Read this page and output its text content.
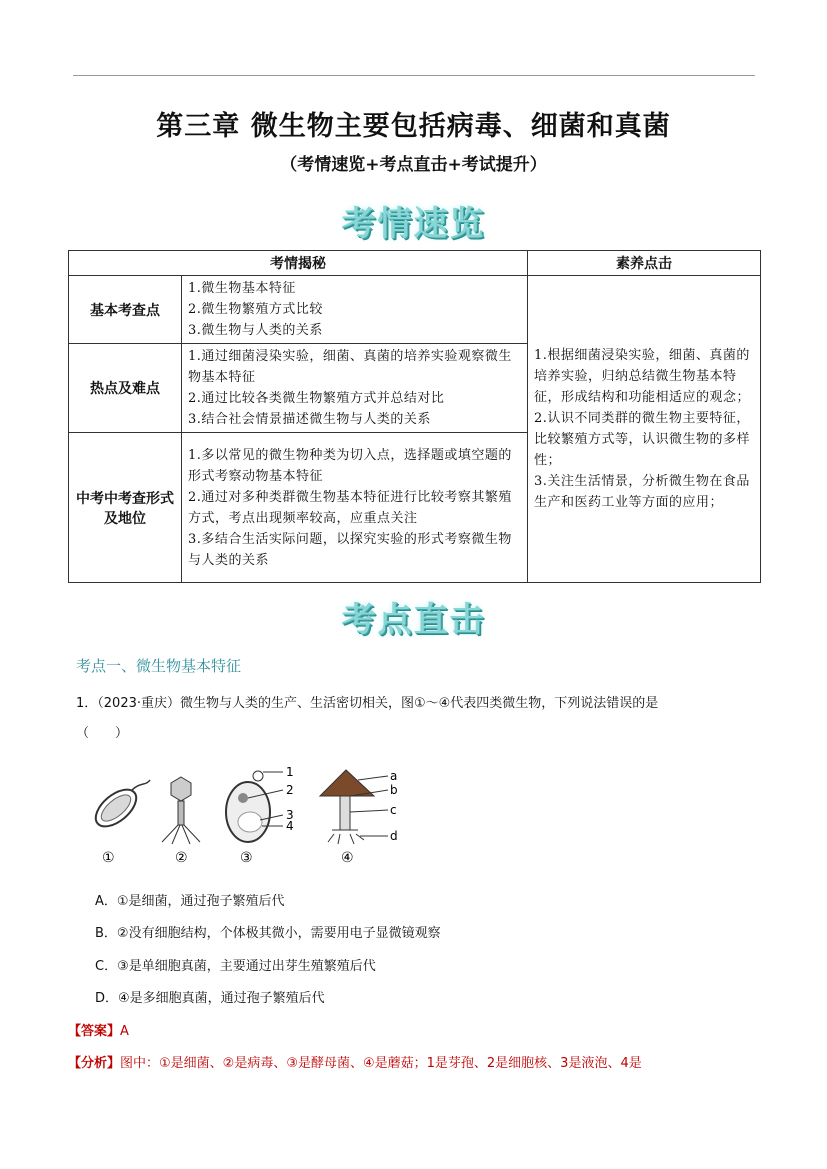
第三章 微生物主要包括病毒、细菌和真菌
（考情速览+考点直击+考试提升）
考情速览
考情揭秘		素养点击
基本考查点	1.微生物基本特征
2.微生物繁殖方式比较
3.微生物与人类的关系	1.根据细菌浸染实验，细菌、真菌的培养实验，归纳总结微生物基本特征，形成结构和功能相适应的观念；
2.认识不同类群的微生物主要特征，比较繁殖方式等，认识微生物的多样性；
3.关注生活情景，分析微生物在食品生产和医药工业等方面的应用；

热点及难点	1.通过细菌浸染实验，细菌、真菌的培养实验观察微生物基本特征
2.通过比较各类微生物繁殖方式并总结对比
3.结合社会情景描述微生物与人类的关系	

中考中考查形式及地位	1.多以常见的微生物种类为切入点，选择题或填空题的形式考察动物基本特征
2.通过对多种类群微生物基本特征进行比较考察其繁殖方式，考点出现频率较高，应重点关注
3.多结合生活实际问题，以探究实验的形式考察微生物与人类的关系	
考点直击
考点一、微生物基本特征
1．（2023·重庆）微生物与人类的生产、生活密切相关，图①～④代表四类微生物，下列说法错误的是
（　　）
1
2
3
4
a
b
c
d
①	②	③	④
A．①是细菌，通过孢子繁殖后代
B．②没有细胞结构，个体极其微小，需要用电子显微镜观察
C．③是单细胞真菌，主要通过出芽生殖繁殖后代
D．④是多细胞真菌，通过孢子繁殖后代
【答案】A
【分析】图中：①是细菌、②是病毒、③是酵母菌、④是蘑菇；1是芽孢、2是细胞核、3是液泡、4是
